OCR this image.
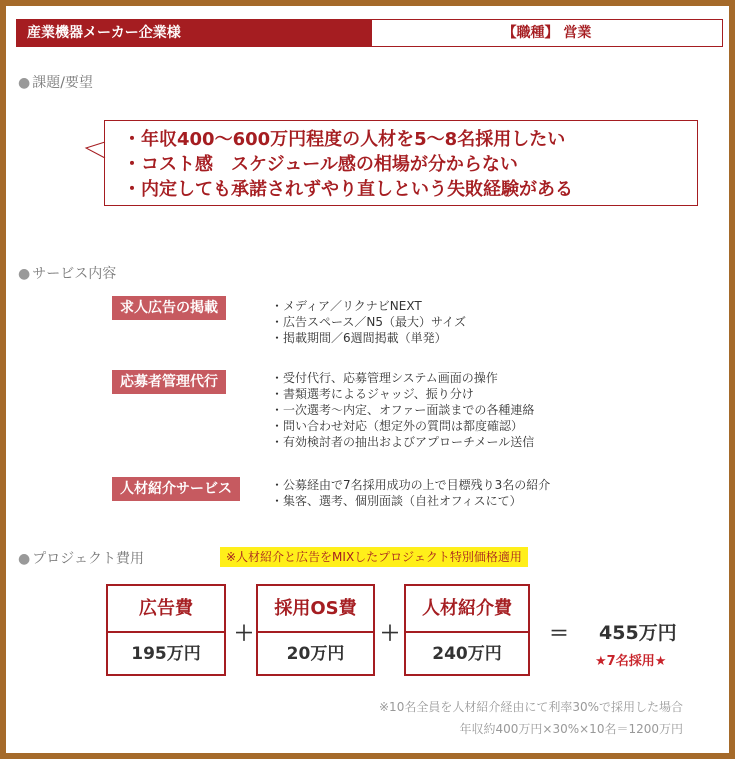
産業機器メーカー企業様	【職種】 営業
● 課題/要望
・年収400〜600万円程度の人材を5〜8名採用したい
・コスト感　スケジュール感の相場が分からない
・内定しても承諾されずやり直しという失敗経験がある
● サービス内容
求人広告の掲載	・メディア／リクナビNEXT
・広告スペース／N5（最大）サイズ
・掲載期間／6週間掲載（単発）
応募者管理代行	・受付代行、応募管理システム画面の操作
・書類選考によるジャッジ、振り分け
・一次選考〜内定、オファー面談までの各種連絡
・問い合わせ対応（想定外の質問は都度確認）
・有効検討者の抽出およびアプローチメール送信
人材紹介サービス	・公募経由で7名採用成功の上で目標残り3名の紹介
・集客、選考、個別面談（自社オフィスにて）
● プロジェクト費用	※人材紹介と広告をMIXしたプロジェクト特別価格適用
広告費
195万円
＋
採用OS費
20万円
＋
人材紹介費
240万円
＝ 455万円
★7名採用★
※10名全員を人材紹介経由にて利率30%で採用した場合
年収約400万円×30%×10名＝1200万円
